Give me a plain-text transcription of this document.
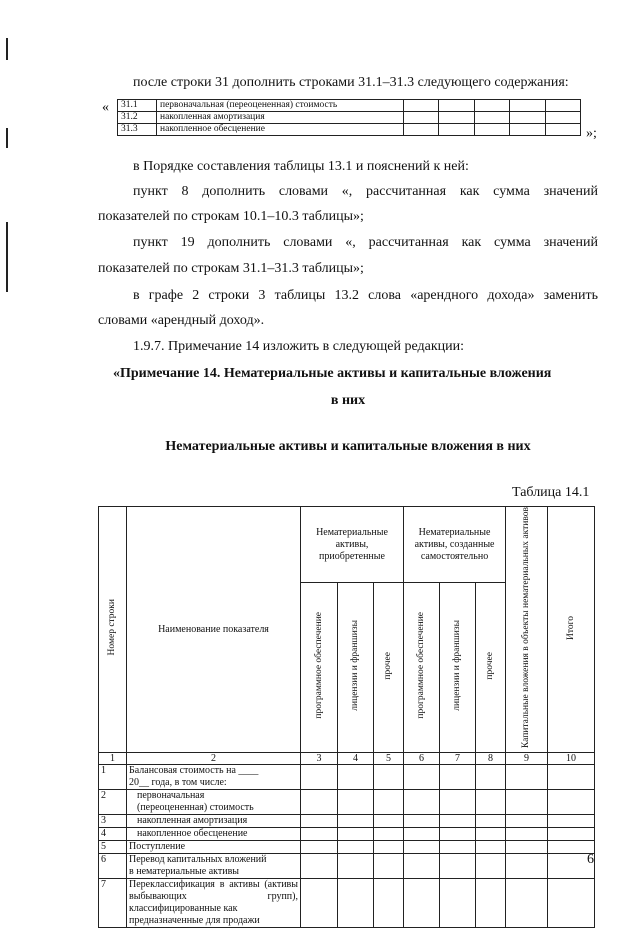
после строки 31 дополнить строками 31.1–31.3 следующего содержания:
« 31.1	первоначальная (переоцененная) стоимость					
31.2	накопленная амортизация					
31.3	накопленное обесценение						»;
в Порядке составления таблицы 13.1 и пояснений к ней:
пункт 8 дополнить словами «, рассчитанная как сумма значений
показателей по строкам 10.1–10.3 таблицы»;
пункт 19 дополнить словами «, рассчитанная как сумма значений
показателей по строкам 31.1–31.3 таблицы»;
в графе 2 строки 3 таблицы 13.2 слова «арендного дохода» заменить
словами «арендный доход».
1.9.7. Примечание 14 изложить в следующей редакции:
«Примечание 14. Нематериальные активы и капитальные вложения
в них
Нематериальные активы и капитальные вложения в них
Таблица 14.1
Номер строки	Наименование показателя	Нематериальные активы, приобретенные			Нематериальные активы, созданные самостоятельно			Капитальные вложения в объекты нематериальных активов	Итого
		программное обеспечение	лицензии и франшизы	прочее	программное обеспечение	лицензии и франшизы	прочее		
1	2	3	4	5	6	7	8	9	10
1	Балансовая стоимость на ____
20__ года, в том числе:								

2	первоначальная
(переоцененная) стоимость								

3	накопленная амортизация								
4	накопленное обесценение								
5	Поступление								
6	Перевод капитальных вложений
в нематериальные активы								

7	Переклассификация в активы (активы выбывающих групп), классифицированные как
предназначенные для продажи								

6
